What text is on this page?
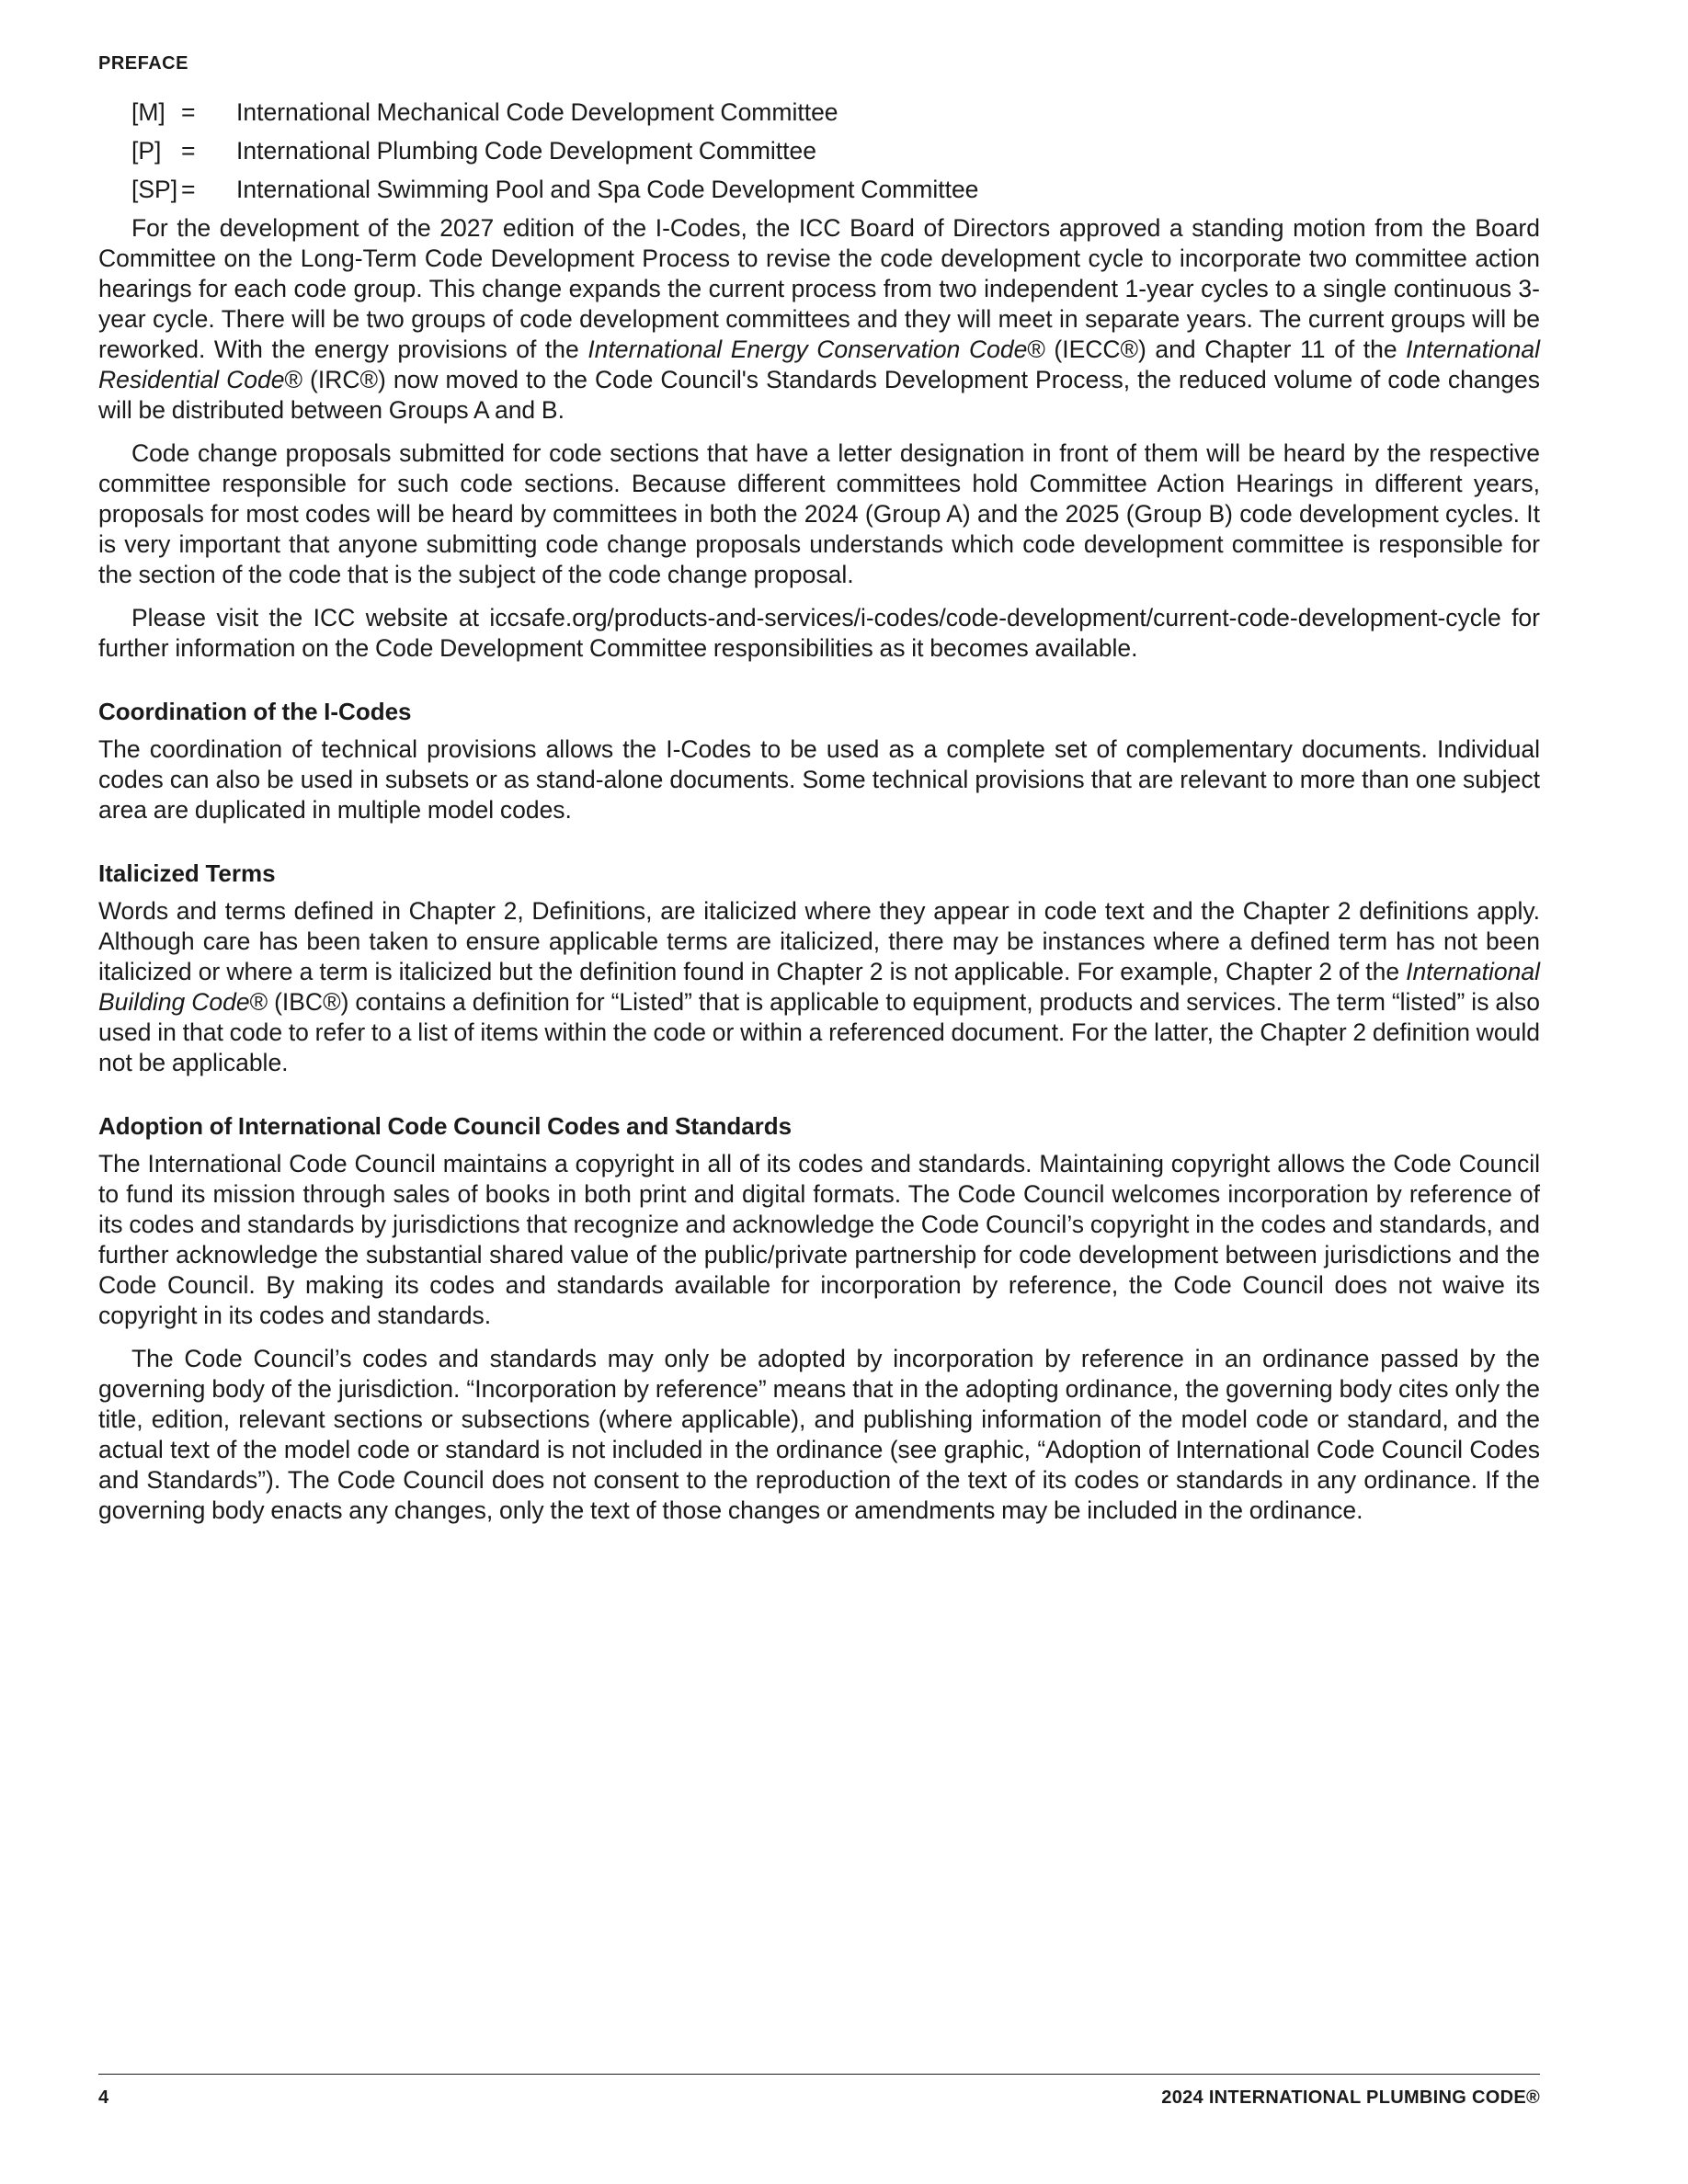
PREFACE
[M] =	International Mechanical Code Development Committee
[P] =	International Plumbing Code Development Committee
[SP] =	International Swimming Pool and Spa Code Development Committee

For the development of the 2027 edition of the I-Codes, the ICC Board of Directors approved a standing motion from the Board Committee on the Long-Term Code Development Process to revise the code development cycle to incorporate two committee action hearings for each code group. This change expands the current process from two independent 1-year cycles to a single continuous 3-year cycle. There will be two groups of code development committees and they will meet in separate years. The current groups will be reworked. With the energy provisions of the International Energy Conservation Code® (IECC®) and Chapter 11 of the International Residential Code® (IRC®) now moved to the Code Council's Standards Development Process, the reduced volume of code changes will be distributed between Groups A and B.

Code change proposals submitted for code sections that have a letter designation in front of them will be heard by the respective committee responsible for such code sections. Because different committees hold Committee Action Hearings in different years, proposals for most codes will be heard by committees in both the 2024 (Group A) and the 2025 (Group B) code development cycles. It is very important that anyone submitting code change proposals understands which code development committee is responsible for the section of the code that is the subject of the code change proposal.

Please visit the ICC website at iccsafe.org/products-and-services/i-codes/code-development/current-code-development-cycle for further information on the Code Development Committee responsibilities as it becomes available.

Coordination of the I-Codes

The coordination of technical provisions allows the I-Codes to be used as a complete set of complementary documents. Individual codes can also be used in subsets or as stand-alone documents. Some technical provisions that are relevant to more than one subject area are duplicated in multiple model codes.

Italicized Terms

Words and terms defined in Chapter 2, Definitions, are italicized where they appear in code text and the Chapter 2 definitions apply. Although care has been taken to ensure applicable terms are italicized, there may be instances where a defined term has not been italicized or where a term is italicized but the definition found in Chapter 2 is not applicable. For example, Chapter 2 of the International Building Code® (IBC®) contains a definition for “Listed” that is applicable to equipment, products and services. The term “listed” is also used in that code to refer to a list of items within the code or within a referenced document. For the latter, the Chapter 2 definition would not be applicable.

Adoption of International Code Council Codes and Standards

The International Code Council maintains a copyright in all of its codes and standards. Maintaining copyright allows the Code Council to fund its mission through sales of books in both print and digital formats. The Code Council welcomes incorporation by reference of its codes and standards by jurisdictions that recognize and acknowledge the Code Council’s copyright in the codes and standards, and further acknowledge the substantial shared value of the public/private partnership for code development between jurisdictions and the Code Council. By making its codes and standards available for incorporation by reference, the Code Council does not waive its copyright in its codes and standards.

The Code Council’s codes and standards may only be adopted by incorporation by reference in an ordinance passed by the governing body of the jurisdiction. “Incorporation by reference” means that in the adopting ordinance, the governing body cites only the title, edition, relevant sections or subsections (where applicable), and publishing information of the model code or standard, and the actual text of the model code or standard is not included in the ordinance (see graphic, “Adoption of International Code Council Codes and Standards”). The Code Council does not consent to the reproduction of the text of its codes or standards in any ordinance. If the governing body enacts any changes, only the text of those changes or amendments may be included in the ordinance.

4	2024 INTERNATIONAL PLUMBING CODE®
